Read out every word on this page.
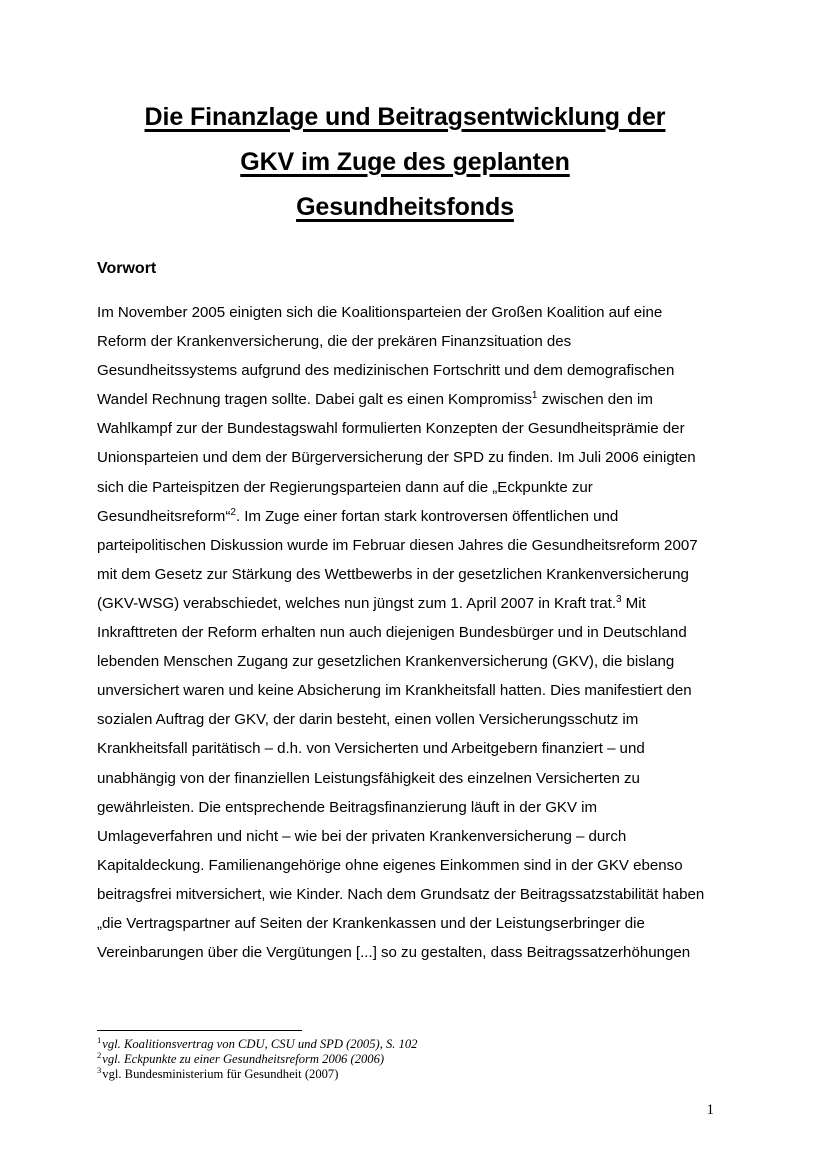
Die Finanzlage und Beitragsentwicklung der
GKV im Zuge des geplanten
Gesundheitsfonds
Vorwort

Im November 2005 einigten sich die Koalitionsparteien der Großen Koalition auf eine Reform der Krankenversicherung, die der prekären Finanzsituation des Gesundheitssystems aufgrund des medizinischen Fortschritt und dem demografischen Wandel Rechnung tragen sollte. Dabei galt es einen Kompromiss$^1$ zwischen den im Wahlkampf zur der Bundestagswahl formulierten Konzepten der Gesundheitsprämie der Unionsparteien und dem der Bürgerversicherung der SPD zu finden. Im Juli 2006 einigten sich die Parteispitzen der Regierungsparteien dann auf die „Eckpunkte zur Gesundheitsreform“$^2$. Im Zuge einer fortan stark kontroversen öffentlichen und parteipolitischen Diskussion wurde im Februar diesen Jahres die Gesundheitsreform 2007 mit dem Gesetz zur Stärkung des Wettbewerbs in der gesetzlichen Krankenversicherung (GKV-WSG) verabschiedet, welches nun jüngst zum 1. April 2007 in Kraft trat.$^3$ Mit Inkrafttreten der Reform erhalten nun auch diejenigen Bundesbürger und in Deutschland lebenden Menschen Zugang zur gesetzlichen Krankenversicherung (GKV), die bislang unversichert waren und keine Absicherung im Krankheitsfall hatten. Dies manifestiert den sozialen Auftrag der GKV, der darin besteht, einen vollen Versicherungsschutz im Krankheitsfall paritätisch – d.h. von Versicherten und Arbeitgebern finanziert – und unabhängig von der finanziellen Leistungsfähigkeit des einzelnen Versicherten zu gewährleisten. Die entsprechende Beitragsfinanzierung läuft in der GKV im Umlageverfahren und nicht – wie bei der privaten Krankenversicherung – durch Kapitaldeckung. Familienangehörige ohne eigenes Einkommen sind in der GKV ebenso beitragsfrei mitversichert, wie Kinder. Nach dem Grundsatz der Beitragssatzstabilität haben „die Vertragspartner auf Seiten der Krankenkassen und der Leistungserbringer die Vereinbarungen über die Vergütungen [...] so zu gestalten, dass Beitragssatzerhöhungen

$^1$vgl. Koalitionsvertrag von CDU, CSU und SPD (2005), S. 102

$^2$vgl. Eckpunkte zu einer Gesundheitsreform 2006 (2006)

$^3$vgl. Bundesministerium für Gesundheit (2007)

1
